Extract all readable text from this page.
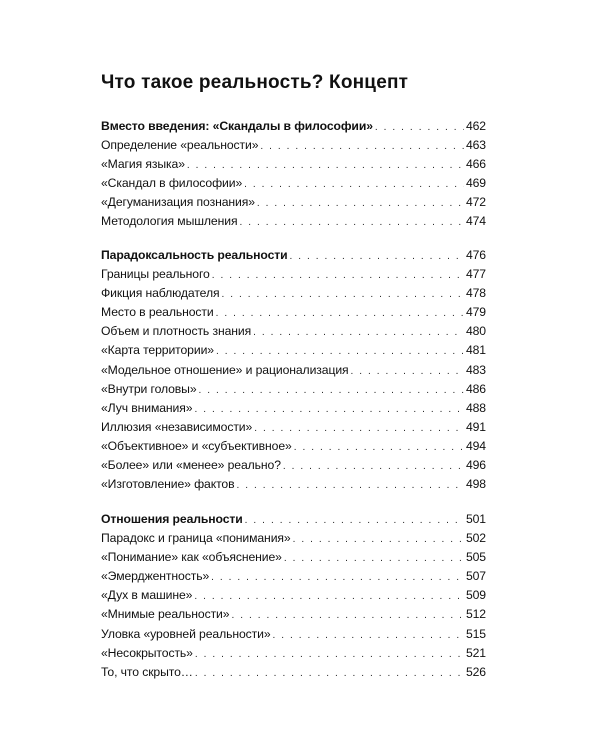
Что такое реальность? Концепт
Вместо введения: «Скандалы в философии» . . .	462
Определение «реальности» . . .	463
«Магия языка» . . .	466
«Скандал в философии» . . .	469
«Дегуманизация познания» . . .	472
Методология мышления . . .	474
Парадоксальность реальности . . .	476
Границы реального . . .	477
Фикция наблюдателя . . .	478
Место в реальности . . .	479
Объем и плотность знания . . .	480
«Карта территории» . . .	481
«Модельное отношение» и рационализация . . .	483
«Внутри головы» . . .	486
«Луч внимания» . . .	488
Иллюзия «независимости» . . .	491
«Объективное» и «субъективное» . . .	494
«Более» или «менее» реально? . . .	496
«Изготовление» фактов . . .	498
Отношения реальности . . .	501
Парадокс и граница «понимания» . . .	502
«Понимание» как «объяснение» . . .	505
«Эмерджентность» . . .	507
«Дух в машине» . . .	509
«Мнимые реальности» . . .	512
Уловка «уровней реальности» . . .	515
«Несокрытость» . . .	521
То, что скрыто… . . .	526
